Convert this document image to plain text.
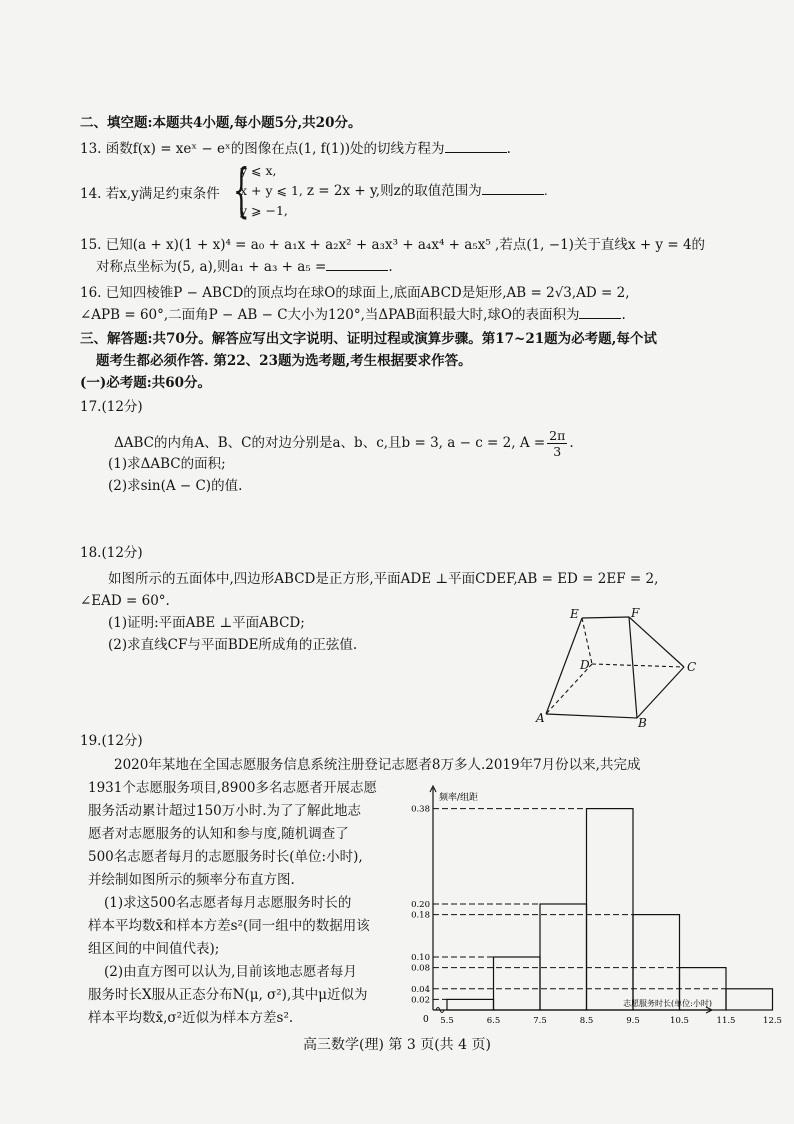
二、填空题:本题共4小题,每小题5分,共20分。
13. 函数f(x) = xeˣ − eˣ的图像在点(1, f(1))处的切线方程为	.
14. 若x,y满足约束条件 {
y ⩽ x,
x + y ⩽ 1, z = 2x + y,则z的取值范围为	.
y ⩾ −1,
15. 已知(a + x)(1 + x)⁴ = a₀ + a₁x + a₂x² + a₃x³ + a₄x⁴ + a₅x⁵ ,若点(1, −1)关于直线x + y = 4的
对称点坐标为(5, a),则a₁ + a₃ + a₅ =	.
16. 已知四棱锥P − ABCD的顶点均在球O的球面上,底面ABCD是矩形,AB = 2√3,AD = 2,
∠APB = 60°,二面角P − AB − C大小为120°,当ΔPAB面积最大时,球O的表面积为	.
三、解答题:共70分。解答应写出文字说明、证明过程或演算步骤。第17~21题为必考题,每个试
题考生都必须作答. 第22、23题为选考题,考生根据要求作答。
(一)必考题:共60分。
17.(12分)
ΔABC的内角A、B、C的对边分别是a、b、c,且b = 3, a − c = 2, $A = \frac{2\pi}{3}$ .
(1)求ΔABC的面积;
(2)求sin(A − C)的值.
18.(12分)
如图所示的五面体中,四边形ABCD是正方形,平面ADE ⊥平面CDEF,AB = ED = 2EF = 2,
∠EAD = 60°.
(1)证明:平面ABE ⊥平面ABCD;
(2)求直线CF与平面BDE所成角的正弦值.
E	F
D	C
A	B
19.(12分)
2020年某地在全国志愿服务信息系统注册登记志愿者8万多人.2019年7月份以来,共完成
1931个志愿服务项目,8900多名志愿者开展志愿
服务活动累计超过150万小时.为了了解此地志
愿者对志愿服务的认知和参与度,随机调查了
500名志愿者每月的志愿服务时长(单位:小时),
并绘制如图所示的频率分布直方图.
(1)求这500名志愿者每月志愿服务时长的
样本平均数x̄和样本方差s²(同一组中的数据用该
组区间的中间值代表);
(2)由直方图可以认为,目前该地志愿者每月
服务时长X服从正态分布N(μ, σ²),其中μ近似为
样本平均数x̄,σ²近似为样本方差s².	0
频率/组距
0.38
0.20
0.18
0.10
0.08
0.04
0.02
5.5	6.5	7.5	8.5	9.5	10.5	11.5	12.5
志愿服务时长(单位:小时)
高三数学(理) 第 3 页(共 4 页)
